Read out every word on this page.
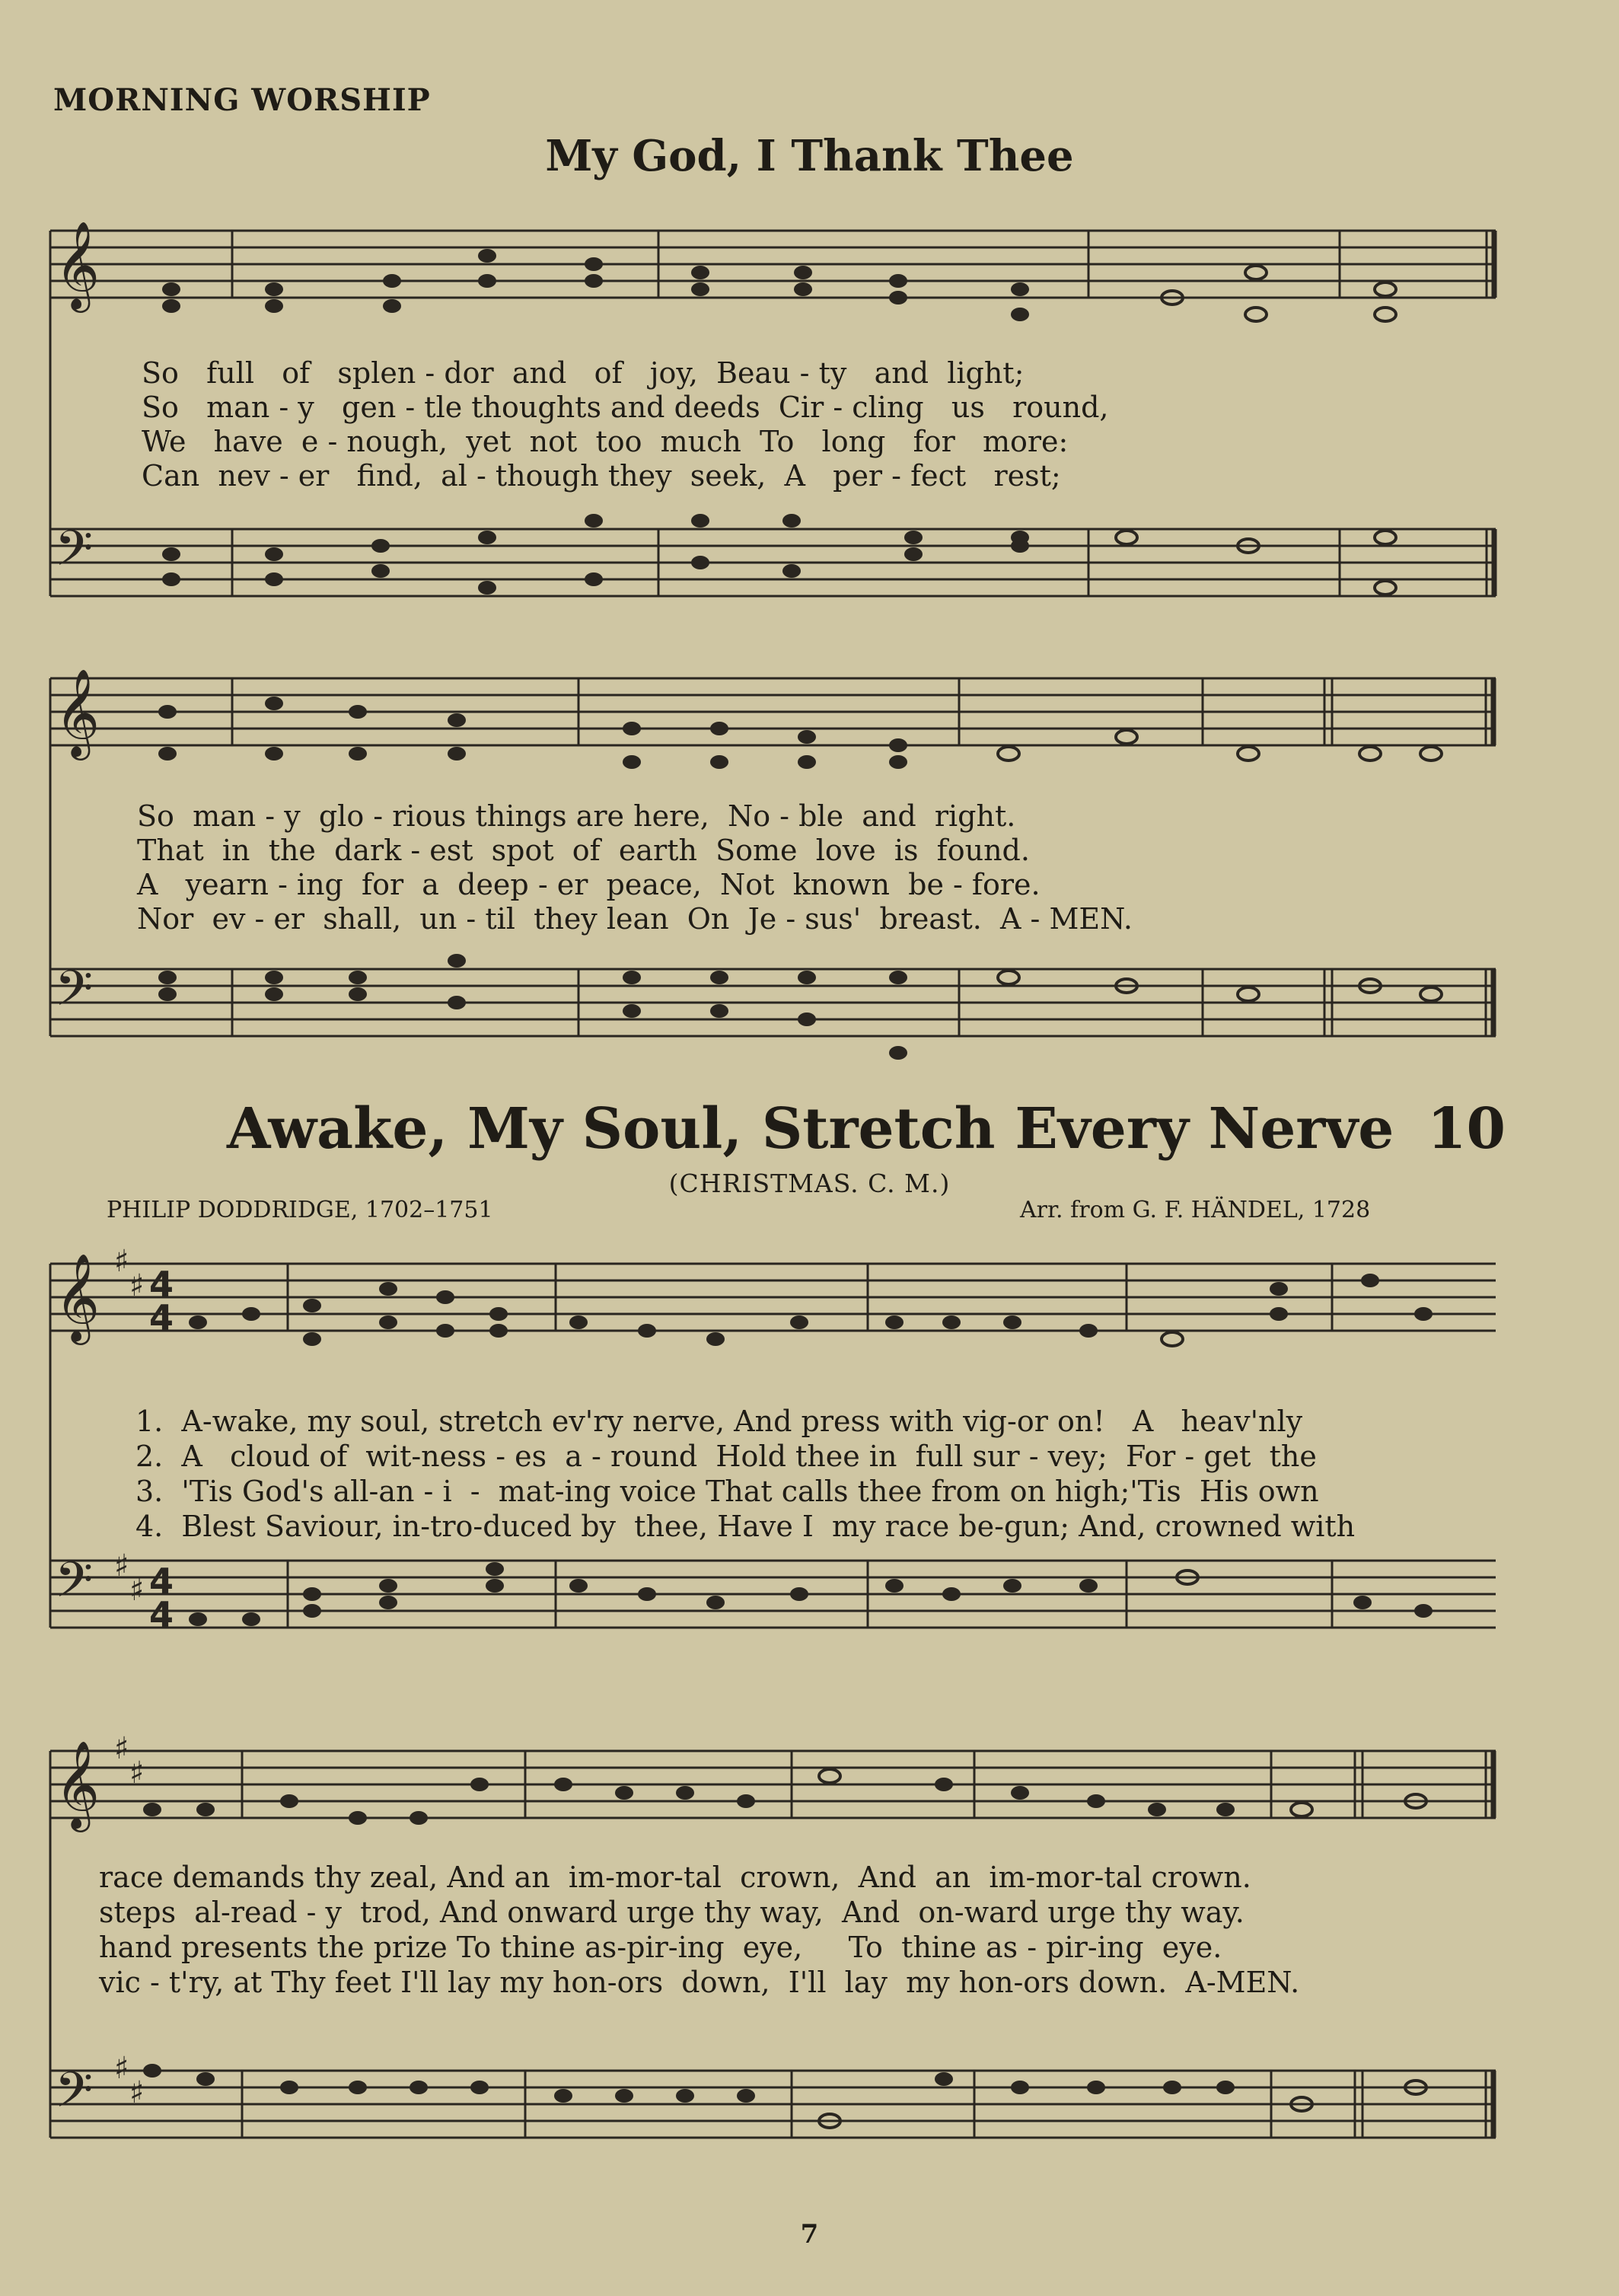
MORNING WORSHIP
My God, I Thank Thee
𝄞
𝄢
𝄞
𝄢
So   full   of   splen - dor  and   of   joy,  Beau - ty   and  light;
So   man - y   gen - tle thoughts and deeds  Cir - cling   us   round,
We   have  e - nough,  yet  not  too  much  To   long   for   more:
Can  nev - er   find,  al - though they  seek,  A   per - fect   rest;
So  man - y  glo - rious things are here,  No - ble  and  right.
That  in  the  dark - est  spot  of  earth  Some  love  is  found.
A   yearn - ing  for  a  deep - er  peace,  Not  known  be - fore.
Nor  ev - er  shall,  un - til  they lean  On  Je - sus'  breast.  A - MEN.
Awake, My Soul, Stretch Every Nerve 10
(CHRISTMAS. C. M.)
PHILIP DODDRIDGE, 1702–1751	Arr. from G. F. HÄNDEL, 1728
𝄞
𝄢
𝄞
𝄢
♯
♯
♯
♯
♯
♯
♯
♯
4
4
4
4
1.  A-wake, my soul, stretch ev'ry nerve, And press with vig-or on!   A   heav'nly
2.  A   cloud of  wit-ness - es  a - round  Hold thee in  full sur - vey;  For - get  the
3.  'Tis God's all-an - i  -  mat-ing voice That calls thee from on high;'Tis  His own
4.  Blest Saviour, in-tro-duced by  thee, Have I  my race be-gun; And, crowned with
race demands thy zeal, And an  im-mor-tal  crown,  And  an  im-mor-tal crown.
steps  al-read - y  trod, And onward urge thy way,  And  on-ward urge thy way.
hand presents the prize To thine as-pir-ing  eye,     To  thine as - pir-ing  eye.
vic - t'ry, at Thy feet I'll lay my hon-ors  down,  I'll  lay  my hon-ors down.  A-MEN.
7
